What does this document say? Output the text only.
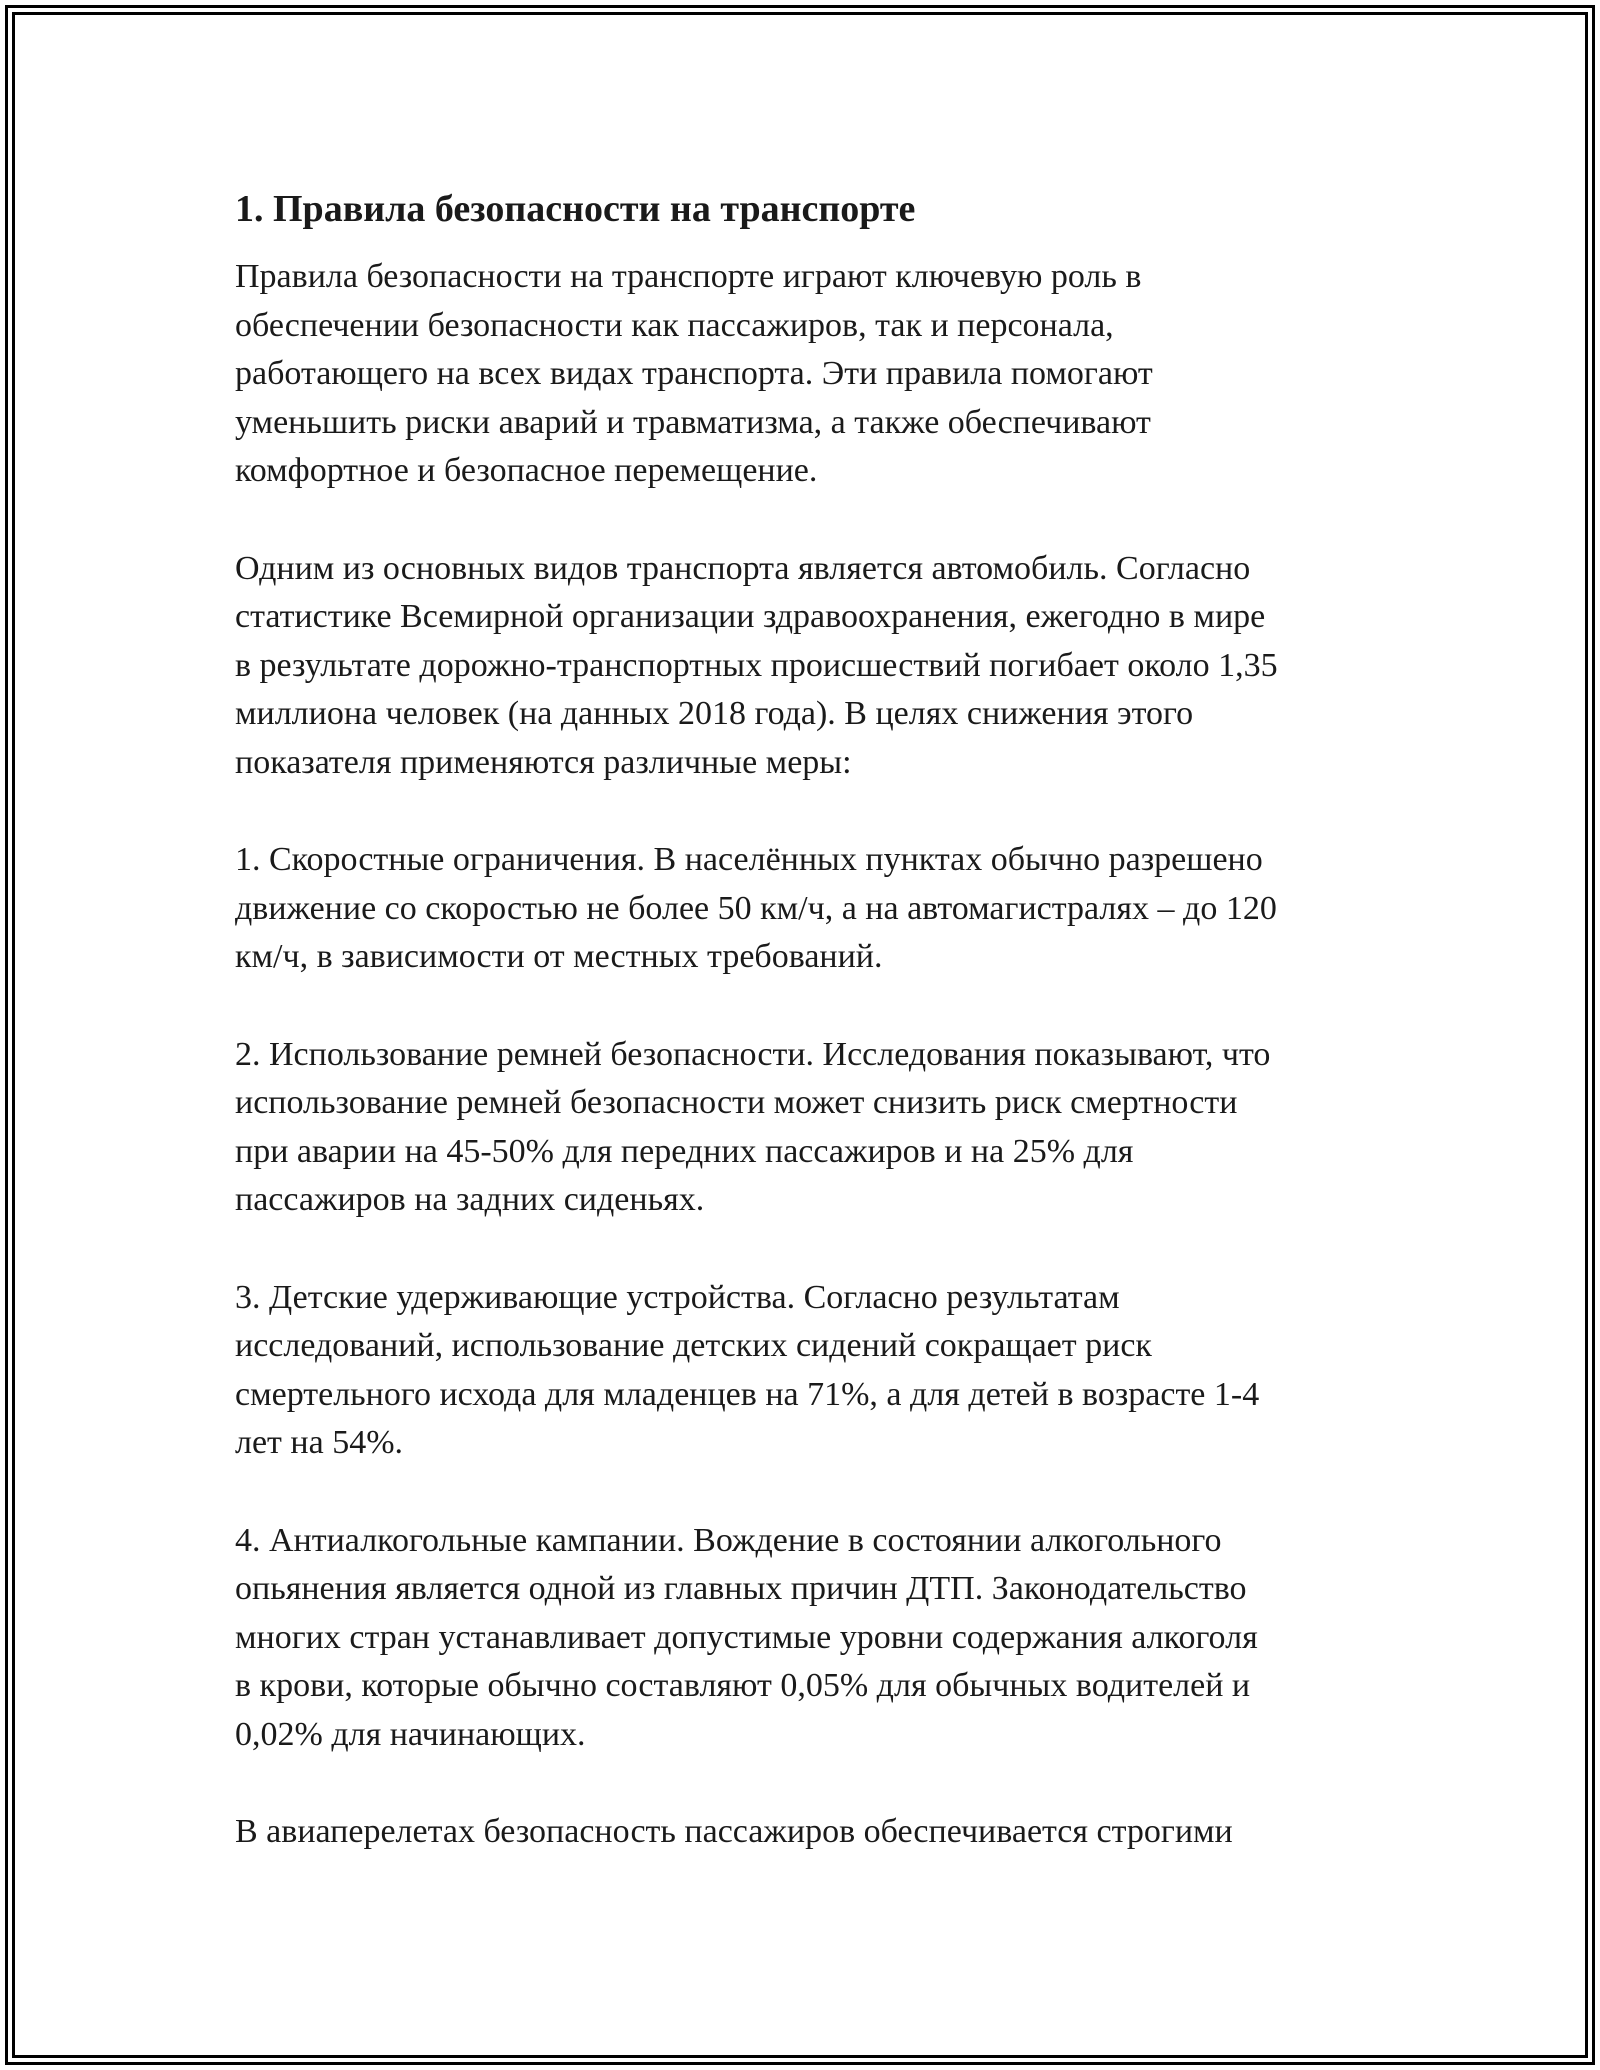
1. Правила безопасности на транспорте
Правила безопасности на транспорте играют ключевую роль в
обеспечении безопасности как пассажиров, так и персонала,
работающего на всех видах транспорта. Эти правила помогают
уменьшить риски аварий и травматизма, а также обеспечивают
комфортное и безопасное перемещение.
Одним из основных видов транспорта является автомобиль. Согласно
статистике Всемирной организации здравоохранения, ежегодно в мире
в результате дорожно-транспортных происшествий погибает около 1,35
миллиона человек (на данных 2018 года). В целях снижения этого
показателя применяются различные меры:
1. Скоростные ограничения. В населённых пунктах обычно разрешено
движение со скоростью не более 50 км/ч, а на автомагистралях – до 120
км/ч, в зависимости от местных требований.
2. Использование ремней безопасности. Исследования показывают, что
использование ремней безопасности может снизить риск смертности
при аварии на 45-50% для передних пассажиров и на 25% для
пассажиров на задних сиденьях.
3. Детские удерживающие устройства. Согласно результатам
исследований, использование детских сидений сокращает риск
смертельного исхода для младенцев на 71%, а для детей в возрасте 1-4
лет на 54%.
4. Антиалкогольные кампании. Вождение в состоянии алкогольного
опьянения является одной из главных причин ДТП. Законодательство
многих стран устанавливает допустимые уровни содержания алкоголя
в крови, которые обычно составляют 0,05% для обычных водителей и
0,02% для начинающих.
В авиаперелетах безопасность пассажиров обеспечивается строгими
